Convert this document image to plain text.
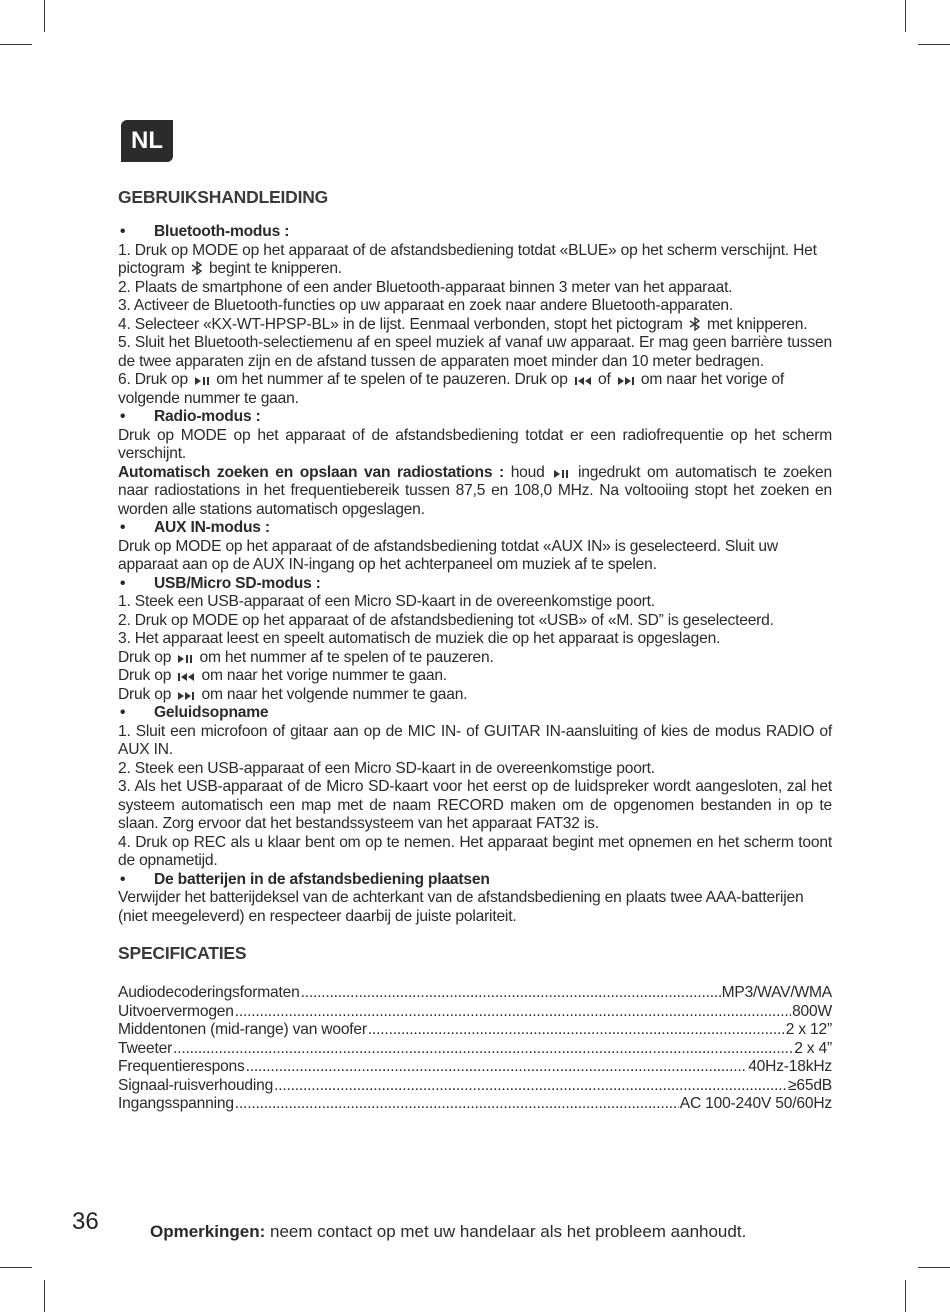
NL
GEBRUIKSHANDLEIDING
•	Bluetooth-modus :

1. Druk op MODE op het apparaat of de afstandsbediening totdat «BLUE» op het scherm verschijnt. Het pictogram begint te knipperen.

2. Plaats de smartphone of een ander Bluetooth-apparaat binnen 3 meter van het apparaat.

3. Activeer de Bluetooth-functies op uw apparaat en zoek naar andere Bluetooth-apparaten.

4. Selecteer «KX-WT-HPSP-BL» in de lijst. Eenmaal verbonden, stopt het pictogram met knipperen.

5. Sluit het Bluetooth-selectiemenu af en speel muziek af vanaf uw apparaat. Er mag geen barrière tussen de twee apparaten zijn en de afstand tussen de apparaten moet minder dan 10 meter bedragen.

6. Druk op om het nummer af te spelen of te pauzeren. Druk op of om naar het vorige of volgende nummer te gaan.

•	Radio-modus :

Druk op MODE op het apparaat of de afstandsbediening totdat er een radiofrequentie op het scherm verschijnt.

Automatisch zoeken en opslaan van radiostations : houd ingedrukt om automatisch te zoeken naar radiostations in het frequentiebereik tussen 87,5 en 108,0 MHz. Na voltooiing stopt het zoeken en worden alle stations automatisch opgeslagen.

•	AUX IN-modus :

Druk op MODE op het apparaat of de afstandsbediening totdat «AUX IN» is geselecteerd. Sluit uw apparaat aan op de AUX IN-ingang op het achterpaneel om muziek af te spelen.

•	USB/Micro SD-modus :

1. Steek een USB-apparaat of een Micro SD-kaart in de overeenkomstige poort.

2. Druk op MODE op het apparaat of de afstandsbediening tot «USB» of «M. SD” is geselecteerd.

3. Het apparaat leest en speelt automatisch de muziek die op het apparaat is opgeslagen.

Druk op om het nummer af te spelen of te pauzeren.

Druk op om naar het vorige nummer te gaan.

Druk op om naar het volgende nummer te gaan.

•	Geluidsopname

1. Sluit een microfoon of gitaar aan op de MIC IN- of GUITAR IN-aansluiting of kies de modus RADIO of AUX IN.

2. Steek een USB-apparaat of een Micro SD-kaart in de overeenkomstige poort.

3. Als het USB-apparaat of de Micro SD-kaart voor het eerst op de luidspreker wordt aangesloten, zal het systeem automatisch een map met de naam RECORD maken om de opgenomen bestanden in op te slaan. Zorg ervoor dat het bestandssysteem van het apparaat FAT32 is.

4. Druk op REC als u klaar bent om op te nemen. Het apparaat begint met opnemen en het scherm toont de opnametijd.

•	De batterijen in de afstandsbediening plaatsen

Verwijder het batterijdeksel van de achterkant van de afstandsbediening en plaats twee AAA-batterijen (niet meegeleverd) en respecteer daarbij de juiste polariteit.

SPECIFICATIES
Audiodecoderingsformaten .....	MP3/WAV/WMA
Uitvoervermogen .....	800W
Middentonen (mid-range) van woofer .....	2 x 12”
Tweeter .....	2 x 4”
Frequentierespons .....	40Hz-18kHz
Signaal-ruisverhouding .....	≥65dB
Ingangsspanning .....	AC 100-240V 50/60Hz
36	Opmerkingen: neem contact op met uw handelaar als het probleem aanhoudt.
